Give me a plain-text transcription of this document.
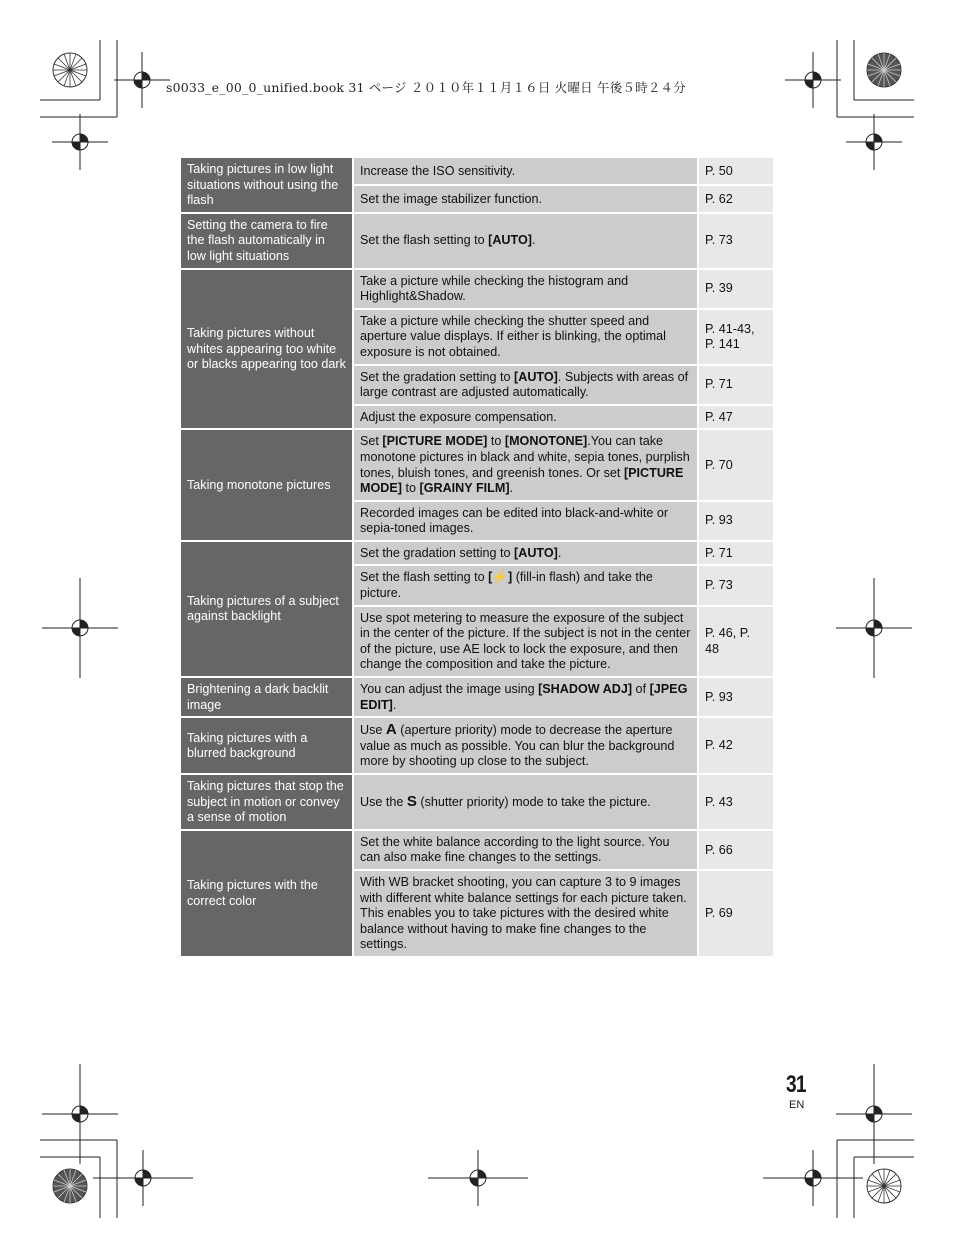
s0033_e_00_0_unified.book 31 ページ ２０１０年１１月１６日 火曜日 午後５時２４分
Taking pictures in low light situations without using the flash	Increase the ISO sensitivity.	P. 50
	Set the image stabilizer function.	P. 62
Setting the camera to fire the flash automatically in low light situations	Set the flash setting to [AUTO].	P. 73
Taking pictures without whites appearing too white or blacks appearing too dark	Take a picture while checking the histogram and Highlight&Shadow.	P. 39
	Take a picture while checking the shutter speed and aperture value displays. If either is blinking, the optimal exposure is not obtained.	P. 41-43, P. 141
	Set the gradation setting to [AUTO]. Subjects with areas of large contrast are adjusted automatically.	P. 71
	Adjust the exposure compensation.	P. 47
Taking monotone pictures	Set [PICTURE MODE] to [MONOTONE].You can take monotone pictures in black and white, sepia tones, purplish tones, bluish tones, and greenish tones. Or set [PICTURE MODE] to [GRAINY FILM].	P. 70
	Recorded images can be edited into black-and-white or sepia-toned images.	P. 93
Taking pictures of a subject against backlight	Set the gradation setting to [AUTO].	P. 71
	Set the flash setting to [⚡] (fill-in flash) and take the picture.	P. 73
	Use spot metering to measure the exposure of the subject in the center of the picture. If the subject is not in the center of the picture, use AE lock to lock the exposure, and then change the composition and take the picture.	P. 46, P. 48
Brightening a dark backlit image	You can adjust the image using [SHADOW ADJ] of [JPEG EDIT].	P. 93
Taking pictures with a blurred background	Use A (aperture priority) mode to decrease the aperture value as much as possible. You can blur the background more by shooting up close to the subject.	P. 42
Taking pictures that stop the subject in motion or convey a sense of motion	Use the S (shutter priority) mode to take the picture.	P. 43
Taking pictures with the correct color	Set the white balance according to the light source. You can also make fine changes to the settings.	P. 66
	With WB bracket shooting, you can capture 3 to 9 images with different white balance settings for each picture taken. This enables you to take pictures with the desired white balance without having to make fine changes to the settings.	P. 69
31
EN
